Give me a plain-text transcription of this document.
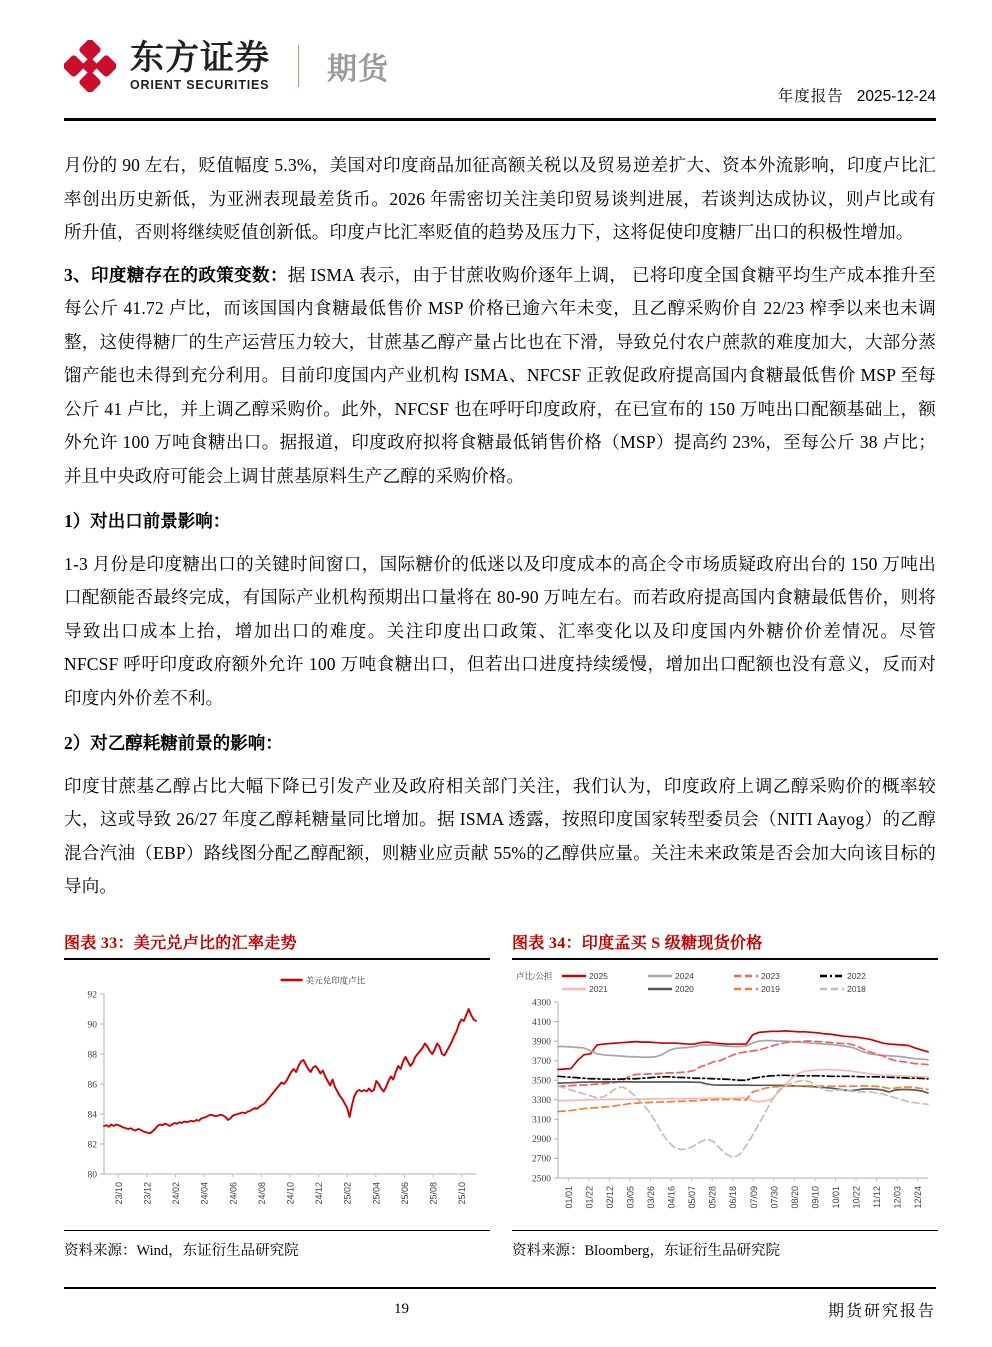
东方证券
ORIENT SECURITIES 期货
年度报告 2025-12-24

月份的 90 左右，贬值幅度 5.3%，美国对印度商品加征高额关税以及贸易逆差扩大、资本外流影响，印度卢比汇率创出历史新低，为亚洲表现最差货币。2026 年需密切关注美印贸易谈判进展，若谈判达成协议，则卢比或有所升值，否则将继续贬值创新低。印度卢比汇率贬值的趋势及压力下，这将促使印度糖厂出口的积极性增加。

3、印度糖存在的政策变数：据 ISMA 表示，由于甘蔗收购价逐年上调， 已将印度全国食糖平均生产成本推升至每公斤 41.72 卢比，而该国国内食糖最低售价 MSP 价格已逾六年未变，且乙醇采购价自 22/23 榨季以来也未调整，这使得糖厂的生产运营压力较大，甘蔗基乙醇产量占比也在下滑，导致兑付农户蔗款的难度加大，大部分蒸馏产能也未得到充分利用。目前印度国内产业机构 ISMA、NFCSF 正敦促政府提高国内食糖最低售价 MSP 至每公斤 41 卢比，并上调乙醇采购价。此外，NFCSF 也在呼吁印度政府，在已宣布的 150 万吨出口配额基础上，额外允许 100 万吨食糖出口。据报道，印度政府拟将食糖最低销售价格（MSP）提高约 23%，至每公斤 38 卢比；并且中央政府可能会上调甘蔗基原料生产乙醇的采购价格。

1）对出口前景影响：

1-3 月份是印度糖出口的关键时间窗口，国际糖价的低迷以及印度成本的高企令市场质疑政府出台的 150 万吨出口配额能否最终完成，有国际产业机构预期出口量将在 80-90 万吨左右。而若政府提高国内食糖最低售价，则将导致出口成本上抬，增加出口的难度。关注印度出口政策、汇率变化以及印度国内外糖价价差情况。尽管 NFCSF 呼吁印度政府额外允许 100 万吨食糖出口，但若出口进度持续缓慢，增加出口配额也没有意义，反而对印度内外价差不利。

2）对乙醇耗糖前景的影响：

印度甘蔗基乙醇占比大幅下降已引发产业及政府相关部门关注，我们认为，印度政府上调乙醇采购价的概率较大，这或导致 26/27 年度乙醇耗糖量同比增加。据 ISMA 透露，按照印度国家转型委员会（NITI Aayog）的乙醇混合汽油（EBP）路线图分配乙醇配额，则糖业应贡献 55%的乙醇供应量。关注未来政策是否会加大向该目标的导向。

图表 33：美元兑卢比的汇率走势
美元兑印度卢比
80
82
84
86
88
90
92
23/10 23/12 24/02 24/04 24/06 24/08 24/10 24/12 25/02 25/04 25/06 25/08 25/10
资料来源：Wind，东证衍生品研究院
图表 34：印度孟买 S 级糖现货价格
2025	2024	2023	2022
2021	2020	2019	2018
卢比/公担
2500
2700
2900
3100
3300
3500
3700
3900
4100
4300
01/01 01/22 02/12 03/05 03/26 04/16 05/07 05/28 06/18 07/09 07/30 08/20 09/10 10/01 10/22 11/12 12/03 12/24
资料来源：Bloomberg，东证衍生品研究院
19	期货研究报告
